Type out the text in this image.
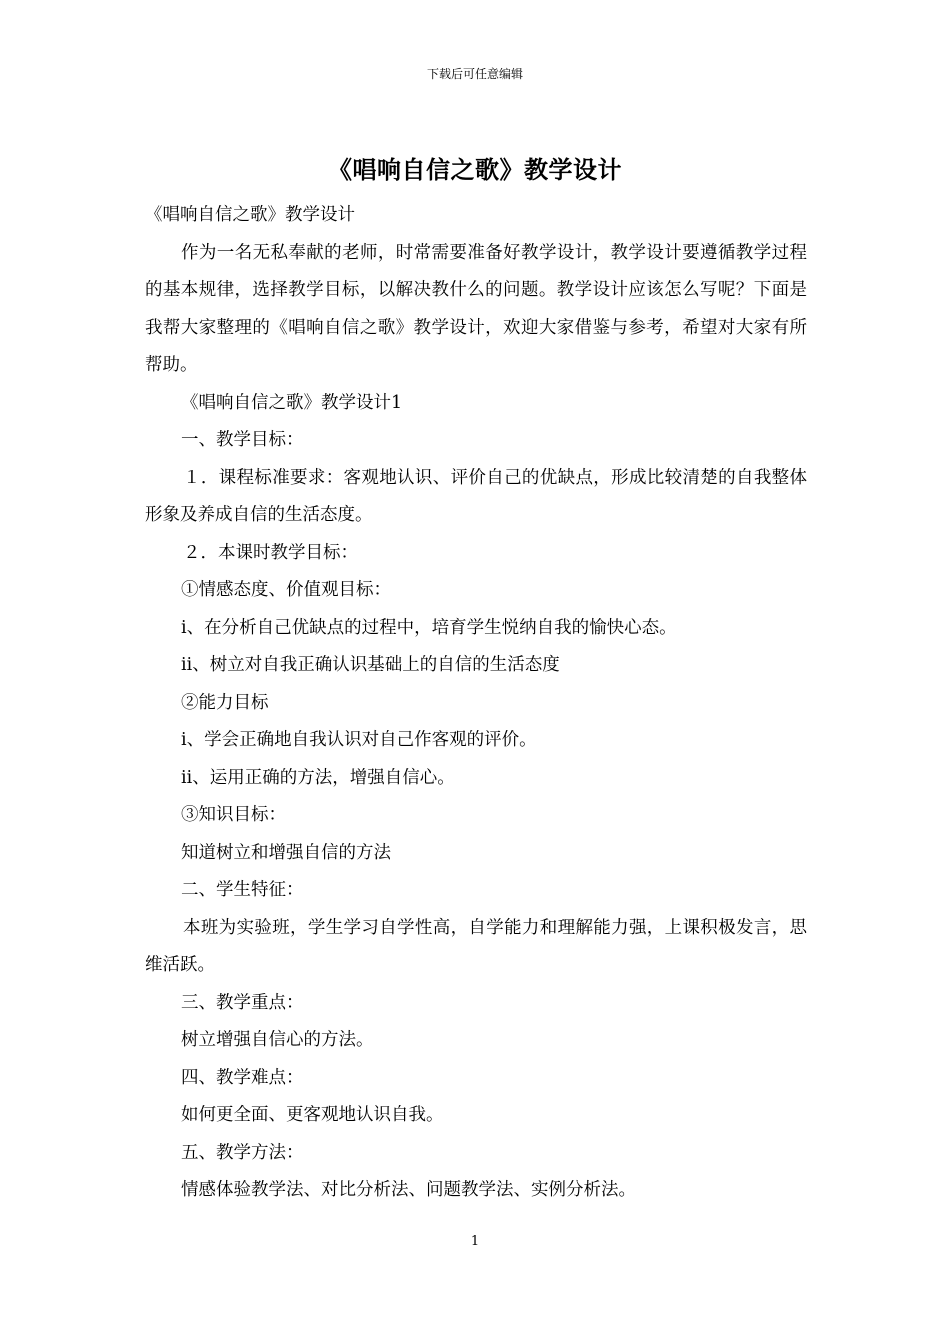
下载后可任意编辑
《唱响自信之歌》教学设计

《唱响自信之歌》教学设计

作为一名无私奉献的老师，时常需要准备好教学设计，教学设计要遵循教学过程的基本规律，选择教学目标，以解决教什么的问题。教学设计应该怎么写呢？下面是我帮大家整理的《唱响自信之歌》教学设计，欢迎大家借鉴与参考，希望对大家有所帮助。

《唱响自信之歌》教学设计1

一、教学目标：

１．课程标准要求：客观地认识、评价自己的优缺点，形成比较清楚的自我整体形象及养成自信的生活态度。

２．本课时教学目标：

①情感态度、价值观目标：

ⅰ、在分析自己优缺点的过程中，培育学生悦纳自我的愉快心态。

ⅱ、树立对自我正确认识基础上的自信的生活态度

②能力目标

ⅰ、学会正确地自我认识对自己作客观的评价。

ⅱ、运用正确的方法，增强自信心。

③知识目标：

知道树立和增强自信的方法

二、学生特征：

本班为实验班，学生学习自学性高，自学能力和理解能力强，上课积极发言，思维活跃。

三、教学重点：

树立增强自信心的方法。

四、教学难点：

如何更全面、更客观地认识自我。

五、教学方法：

情感体验教学法、对比分析法、问题教学法、实例分析法。

1
